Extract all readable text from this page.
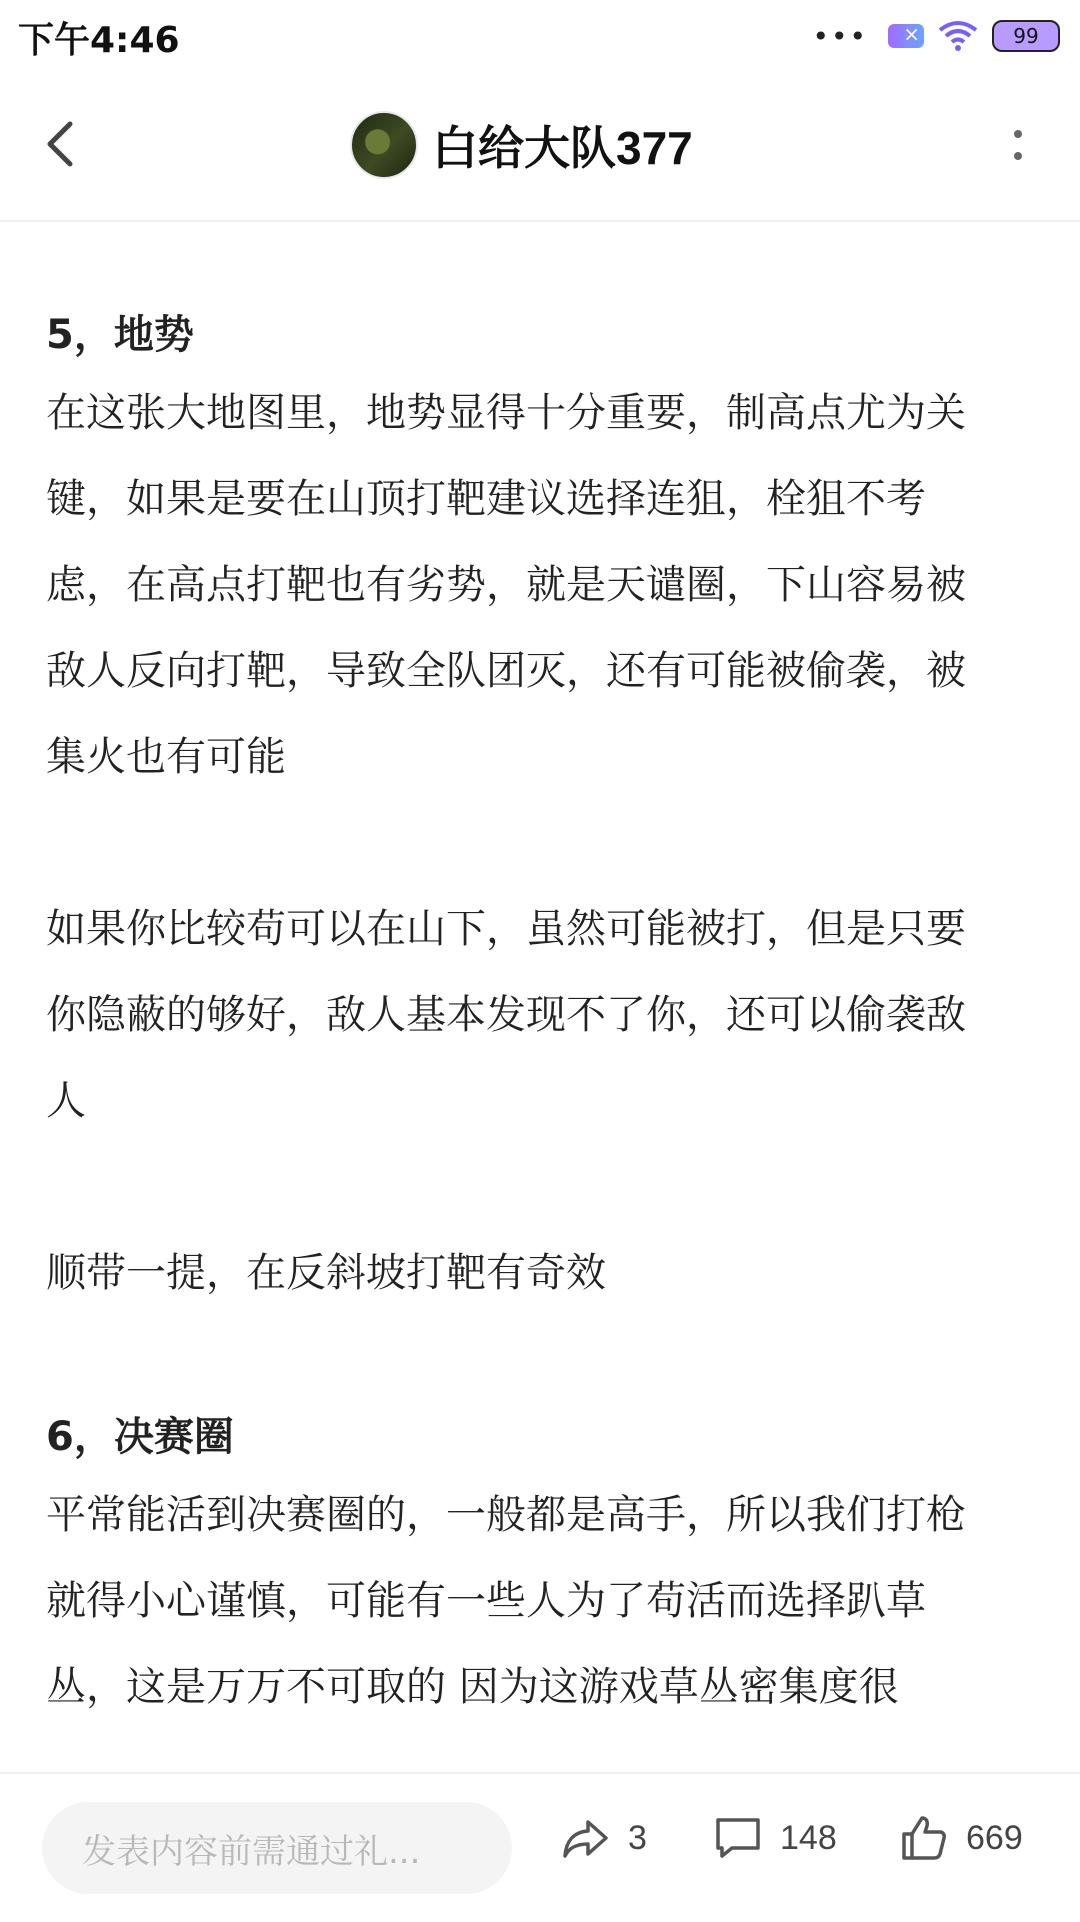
下午4:46	•••
×	99
白给大队377

5，地势

在这张大地图里，地势显得十分重要，制高点尤为关

键，如果是要在山顶打靶建议选择连狙，栓狙不考

虑，在高点打靶也有劣势，就是天谴圈，下山容易被

敌人反向打靶，导致全队团灭，还有可能被偷袭，被

集火也有可能

如果你比较苟可以在山下，虽然可能被打，但是只要

你隐蔽的够好，敌人基本发现不了你，还可以偷袭敌

人

顺带一提，在反斜坡打靶有奇效

6，决赛圈

平常能活到决赛圈的，一般都是高手，所以我们打枪

就得小心谨慎，可能有一些人为了苟活而选择趴草

丛，这是万万不可取的 因为这游戏草丛密集度很

发表内容前需通过礼...	3	148	669
